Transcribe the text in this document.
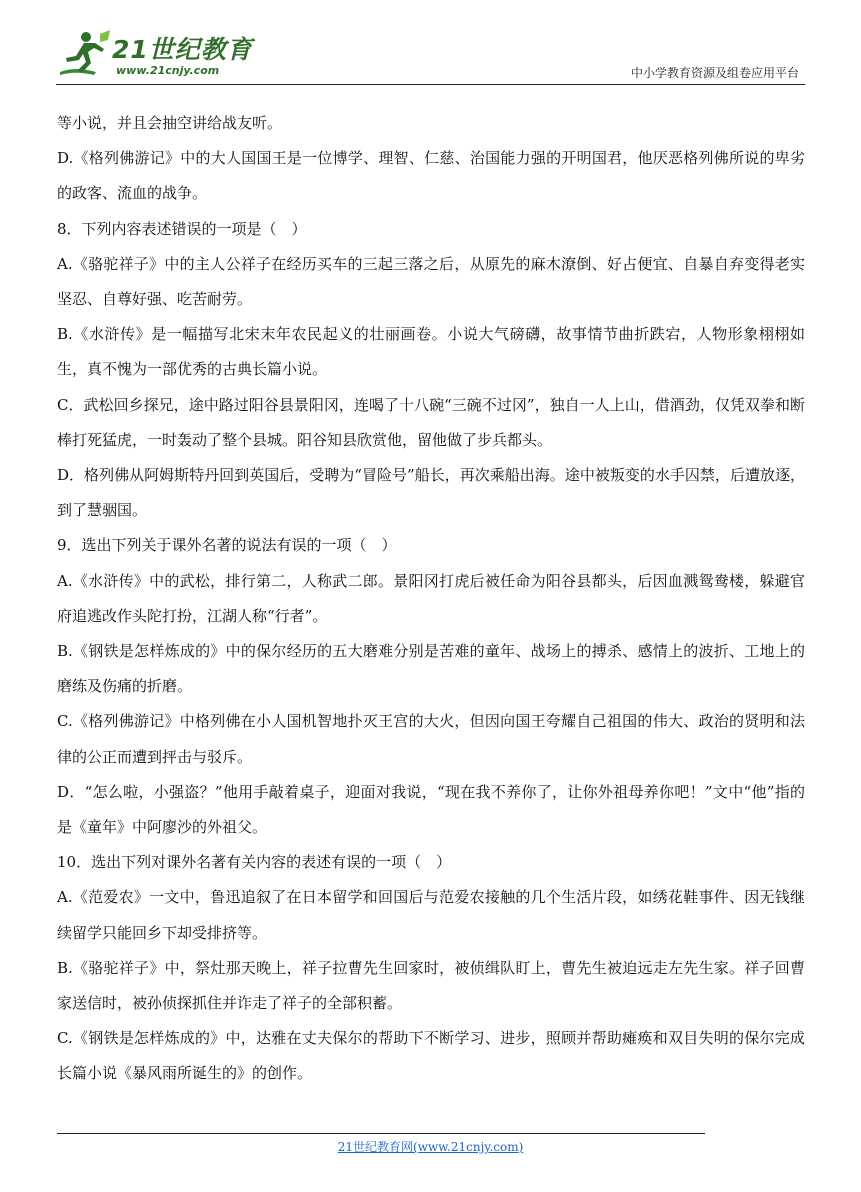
21世纪教育
www.21cnjy.com	中小学教育资源及组卷应用平台

等小说，并且会抽空讲给战友听。

D.《格列佛游记》中的大人国国王是一位博学、理智、仁慈、治国能力强的开明国君，他厌恶格列佛所说的卑劣的政客、流血的战争。

8．下列内容表述错误的一项是（　）

A.《骆驼祥子》中的主人公祥子在经历买车的三起三落之后，从原先的麻木潦倒、好占便宜、自暴自弃变得老实坚忍、自尊好强、吃苦耐劳。

B.《水浒传》是一幅描写北宋末年农民起义的壮丽画卷。小说大气磅礴，故事情节曲折跌宕，人物形象栩栩如生，真不愧为一部优秀的古典长篇小说。

C．武松回乡探兄，途中路过阳谷县景阳冈，连喝了十八碗“三碗不过冈”，独自一人上山，借酒劲，仅凭双拳和断棒打死猛虎，一时轰动了整个县城。阳谷知县欣赏他，留他做了步兵都头。

D．格列佛从阿姆斯特丹回到英国后，受聘为“冒险号”船长，再次乘船出海。途中被叛变的水手囚禁，后遭放逐，到了慧骃国。

9．选出下列关于课外名著的说法有误的一项（　）

A.《水浒传》中的武松，排行第二，人称武二郎。景阳冈打虎后被任命为阳谷县都头，后因血溅鸳鸯楼，躲避官府追逃改作头陀打扮，江湖人称“行者”。

B.《钢铁是怎样炼成的》中的保尔经历的五大磨难分别是苦难的童年、战场上的搏杀、感情上的波折、工地上的磨练及伤痛的折磨。

C.《格列佛游记》中格列佛在小人国机智地扑灭王宫的大火，但因向国王夸耀自己祖国的伟大、政治的贤明和法律的公正而遭到抨击与驳斥。

D．“怎么啦，小强盗？”他用手敲着桌子，迎面对我说，“现在我不养你了，让你外祖母养你吧！”文中“他”指的是《童年》中阿廖沙的外祖父。

10．选出下列对课外名著有关内容的表述有误的一项（　）

A.《范爱农》一文中，鲁迅追叙了在日本留学和回国后与范爱农接触的几个生活片段，如绣花鞋事件、因无钱继续留学只能回乡下却受排挤等。

B.《骆驼祥子》中，祭灶那天晚上，祥子拉曹先生回家时，被侦缉队盯上，曹先生被迫远走左先生家。祥子回曹家送信时，被孙侦探抓住并诈走了祥子的全部积蓄。

C.《钢铁是怎样炼成的》中，达雅在丈夫保尔的帮助下不断学习、进步，照顾并帮助瘫痪和双目失明的保尔完成长篇小说《暴风雨所诞生的》的创作。

21世纪教育网(www.21cnjy.com)
